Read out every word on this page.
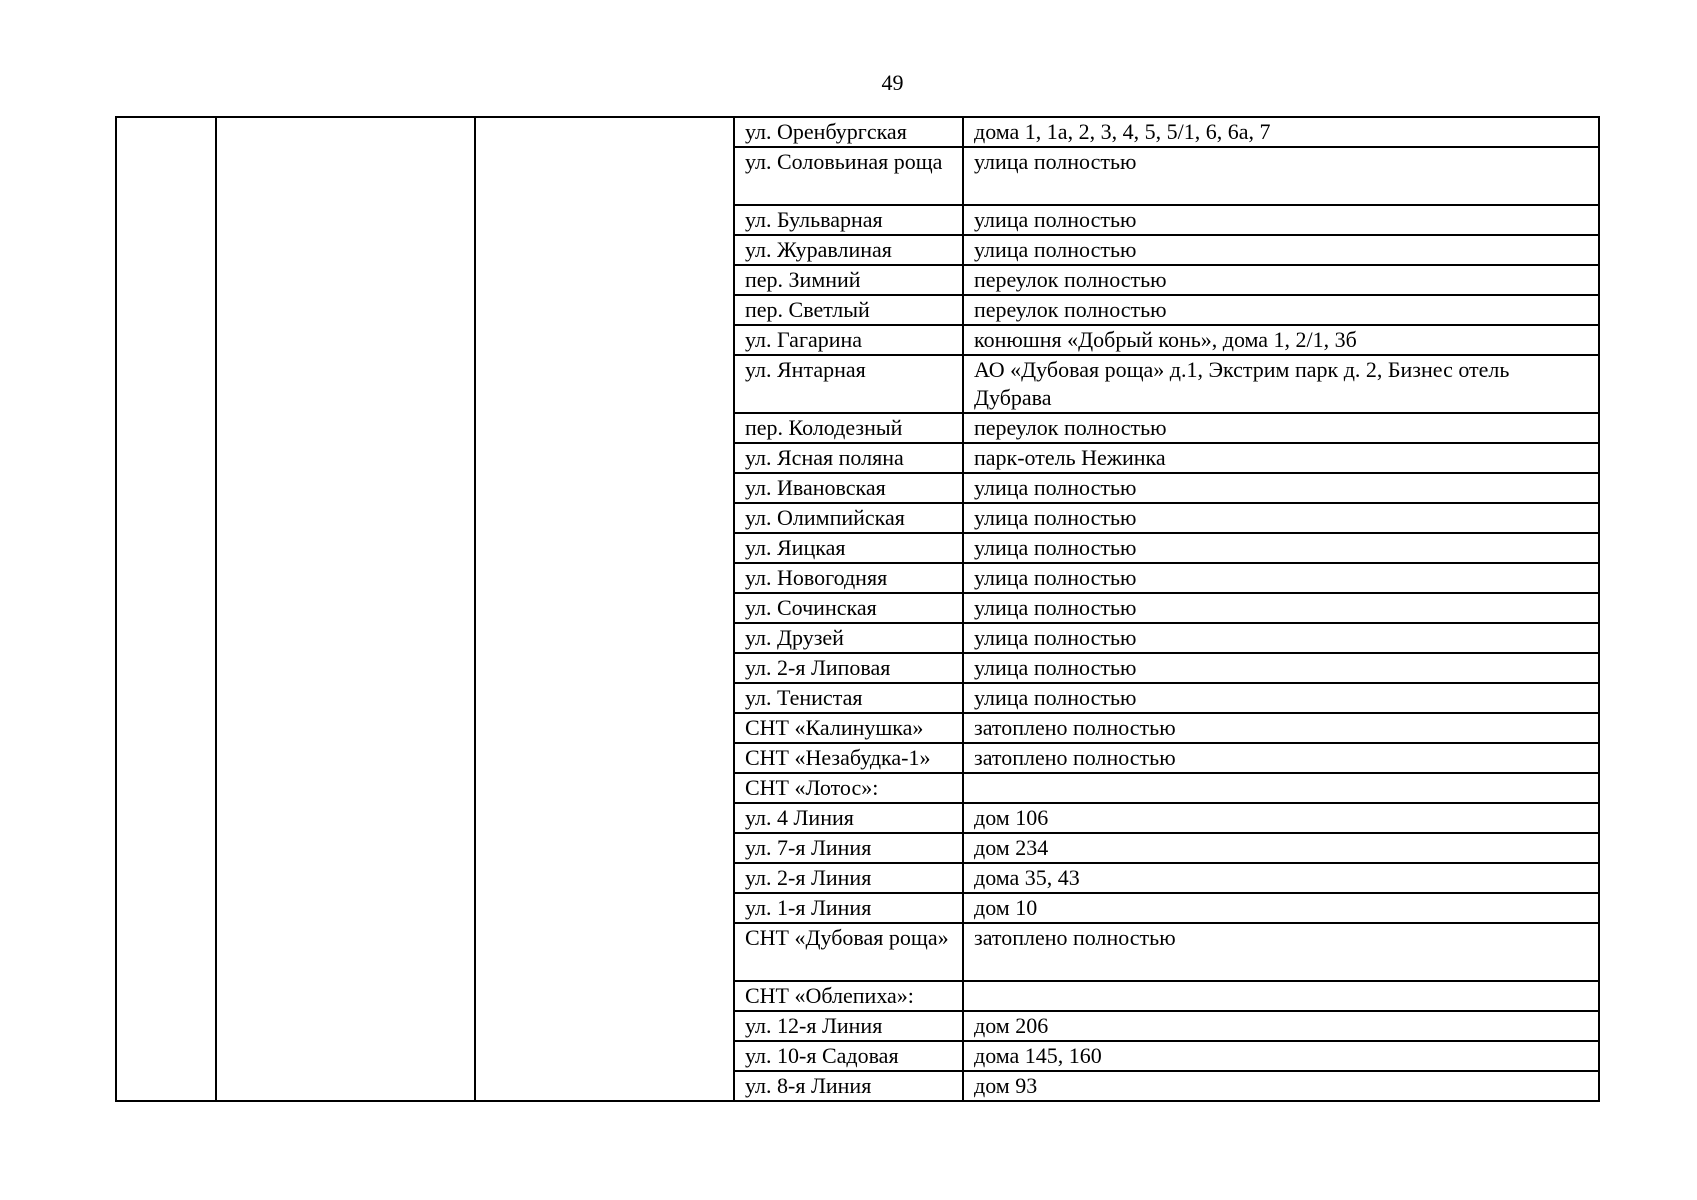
49
			ул. Оренбургская	дома 1, 1а, 2, 3, 4, 5, 5/1, 6, 6а, 7
			ул. Соловьиная роща	улица полностью
			ул. Бульварная	улица полностью
			ул. Журавлиная	улица полностью
			пер. Зимний	переулок полностью
			пер. Светлый	переулок полностью
			ул. Гагарина	конюшня «Добрый конь», дома 1, 2/1, 3б
			ул. Янтарная	АО «Дубовая роща» д.1, Экстрим парк д. 2, Бизнес отель Дубрава
			пер. Колодезный	переулок полностью
			ул. Ясная поляна	парк-отель Нежинка
			ул. Ивановская	улица полностью
			ул. Олимпийская	улица полностью
			ул. Яицкая	улица полностью
			ул. Новогодняя	улица полностью
			ул. Сочинская	улица полностью
			ул. Друзей	улица полностью
			ул. 2-я Липовая	улица полностью
			ул. Тенистая	улица полностью
			СНТ «Калинушка»	затоплено полностью
			СНТ «Незабудка-1»	затоплено полностью
			СНТ «Лотос»:	
			ул. 4 Линия	дом 106
			ул. 7-я Линия	дом 234
			ул. 2-я Линия	дома 35, 43
			ул. 1-я Линия	дом 10
			СНТ «Дубовая роща»	затоплено полностью
			СНТ «Облепиха»:	
			ул. 12-я Линия	дом 206
			ул. 10-я Садовая	дома 145, 160
			ул. 8-я Линия	дом 93
